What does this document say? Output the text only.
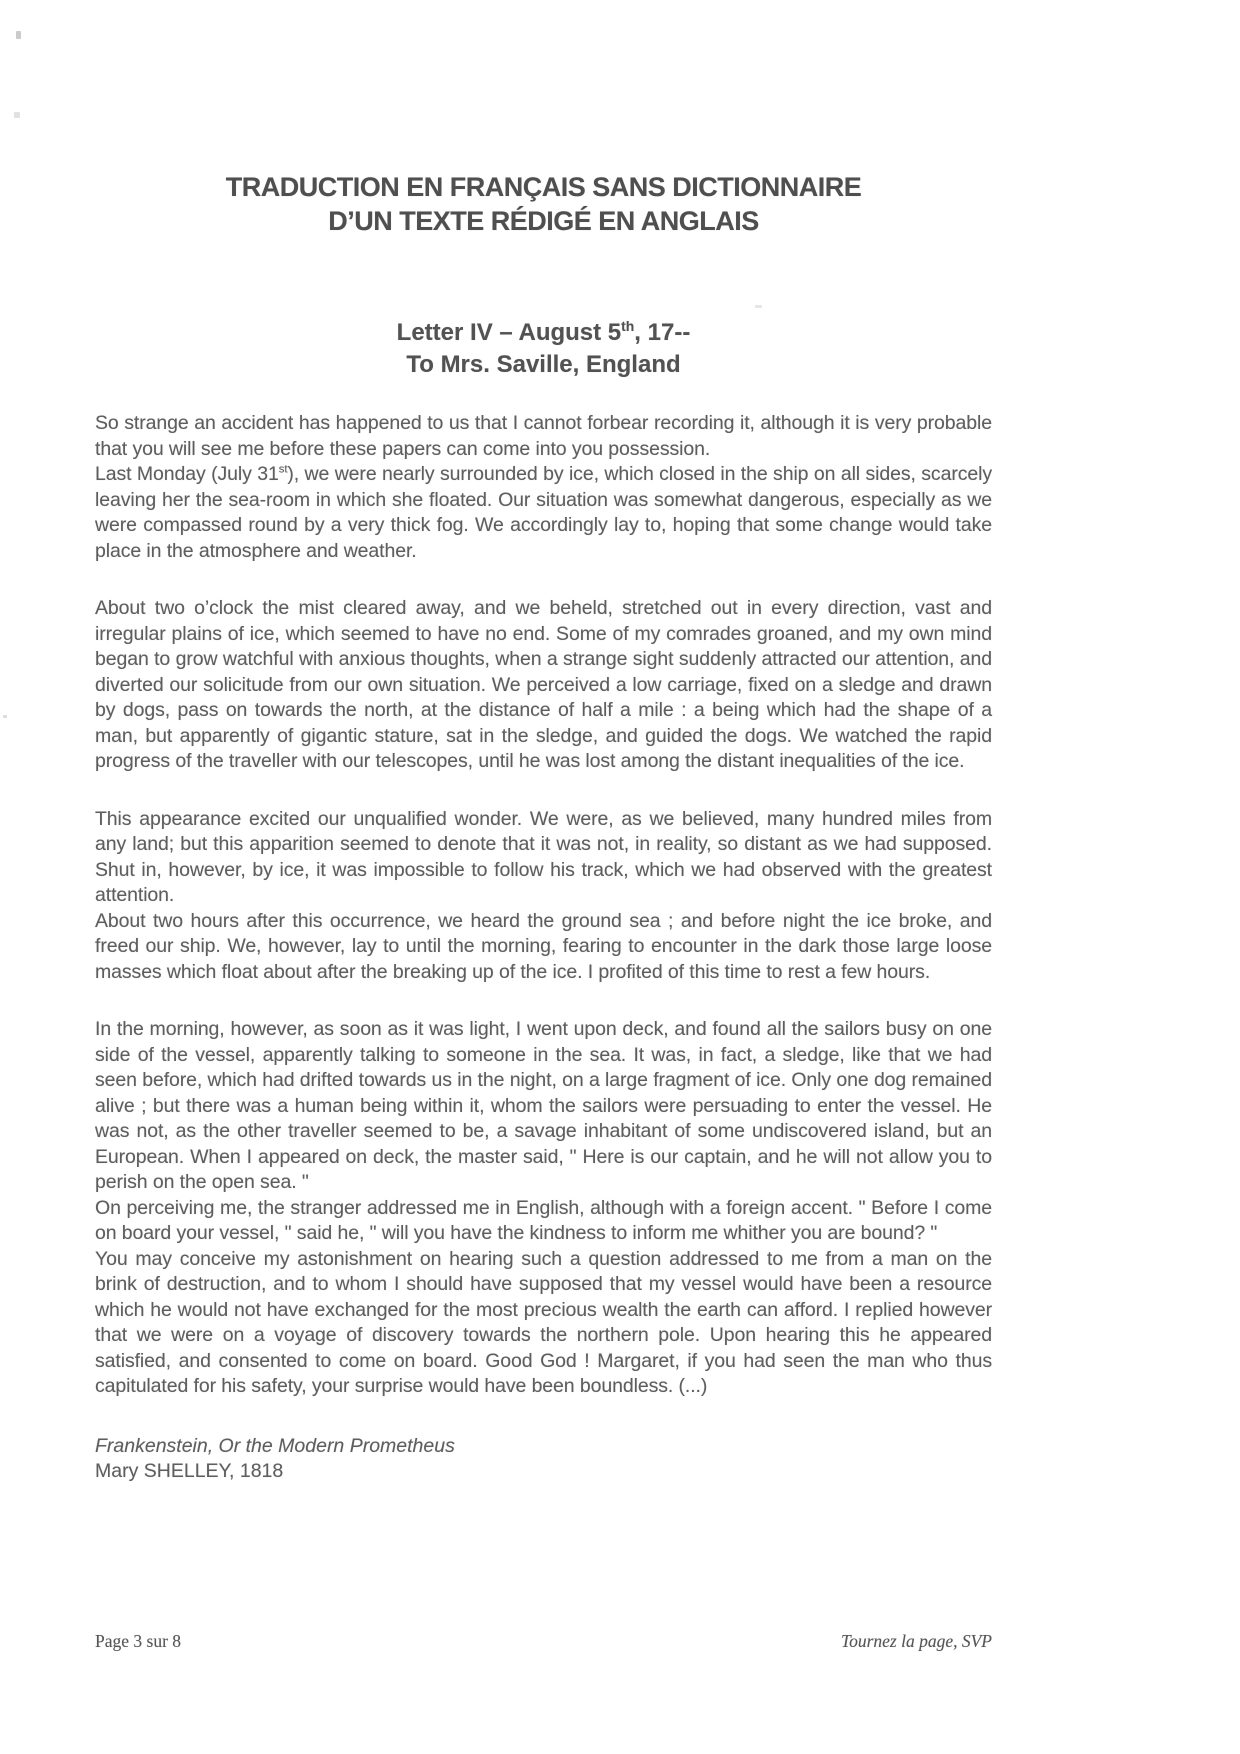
TRADUCTION EN FRANÇAIS SANS DICTIONNAIRE
D’UN TEXTE RÉDIGÉ EN ANGLAIS
Letter IV – August 5th, 17--
To Mrs. Saville, England

So strange an accident has happened to us that I cannot forbear recording it, although it is very probable that you will see me before these papers can come into you possession.

Last Monday (July 31st), we were nearly surrounded by ice, which closed in the ship on all sides, scarcely leaving her the sea-room in which she floated. Our situation was somewhat dangerous, especially as we were compassed round by a very thick fog. We accordingly lay to, hoping that some change would take place in the atmosphere and weather.

About two o’clock the mist cleared away, and we beheld, stretched out in every direction, vast and irregular plains of ice, which seemed to have no end. Some of my comrades groaned, and my own mind began to grow watchful with anxious thoughts, when a strange sight suddenly attracted our attention, and diverted our solicitude from our own situation. We perceived a low carriage, fixed on a sledge and drawn by dogs, pass on towards the north, at the distance of half a mile : a being which had the shape of a man, but apparently of gigantic stature, sat in the sledge, and guided the dogs. We watched the rapid progress of the traveller with our telescopes, until he was lost among the distant inequalities of the ice.

This appearance excited our unqualified wonder. We were, as we believed, many hundred miles from any land; but this apparition seemed to denote that it was not, in reality, so distant as we had supposed. Shut in, however, by ice, it was impossible to follow his track, which we had observed with the greatest attention.

About two hours after this occurrence, we heard the ground sea ; and before night the ice broke, and freed our ship. We, however, lay to until the morning, fearing to encounter in the dark those large loose masses which float about after the breaking up of the ice. I profited of this time to rest a few hours.

In the morning, however, as soon as it was light, I went upon deck, and found all the sailors busy on one side of the vessel, apparently talking to someone in the sea. It was, in fact, a sledge, like that we had seen before, which had drifted towards us in the night, on a large fragment of ice. Only one dog remained alive ; but there was a human being within it, whom the sailors were persuading to enter the vessel. He was not, as the other traveller seemed to be, a savage inhabitant of some undiscovered island, but an European. When I appeared on deck, the master said, " Here is our captain, and he will not allow you to perish on the open sea. "

On perceiving me, the stranger addressed me in English, although with a foreign accent. " Before I come on board your vessel, " said he, " will you have the kindness to inform me whither you are bound? "

You may conceive my astonishment on hearing such a question addressed to me from a man on the brink of destruction, and to whom I should have supposed that my vessel would have been a resource which he would not have exchanged for the most precious wealth the earth can afford. I replied however that we were on a voyage of discovery towards the northern pole. Upon hearing this he appeared satisfied, and consented to come on board. Good God ! Margaret, if you had seen the man who thus capitulated for his safety, your surprise would have been boundless. (...)

Frankenstein, Or the Modern Prometheus

Mary SHELLEY, 1818

Page 3 sur 8	Tournez la page, SVP
